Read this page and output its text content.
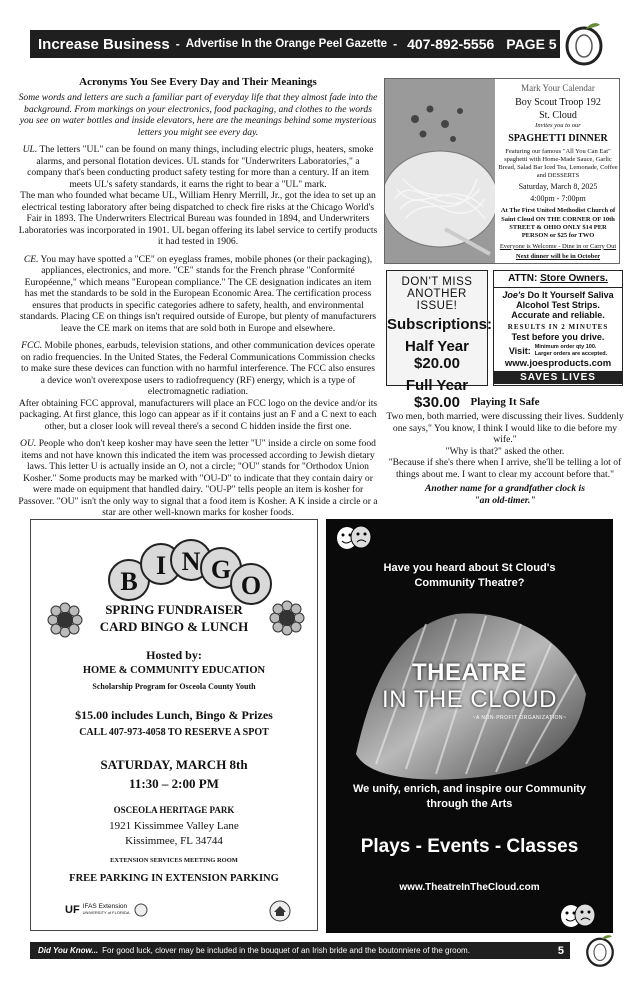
Increase Business - Advertise In the Orange Peel Gazette - 407-892-5556 PAGE 5
Acronyms You See Every Day and Their Meanings

Some words and letters are such a familiar part of everyday life that they almost fade into the background. From markings on your electronics, food packaging, and clothes to the words you see on water bottles and inside elevators, here are the meanings behind some mysterious letters you might see every day.

UL. The letters "UL" can be found on many things, including electric plugs, heaters, smoke alarms, and personal flotation devices. UL stands for "Underwriters Laboratories," a company that's been conducting product safety testing for more than a century. If an item meets UL's safety standards, it earns the right to bear a "UL" mark.
The man who founded what became UL, William Henry Merrill, Jr., got the idea to set up an electrical testing laboratory after being dispatched to check fire risks at the Chicago World's Fair in 1893. The Underwriters Electrical Bureau was founded in 1894, and Underwriters Laboratories was incorporated in 1901. UL began offering its label service to certify products it had tested in 1906.

CE. You may have spotted a "CE" on eyeglass frames, mobile phones (or their packaging), appliances, electronics, and more. "CE" stands for the French phrase "Conformité Européenne," which means "European compliance." The CE designation indicates an item has met the standards to be sold in the European Economic Area. The certification process ensures that products in specific categories adhere to safety, health, and environmental standards. Placing CE on things isn't required outside of Europe, but plenty of manufacturers leave the CE mark on items that are sold both in Europe and elsewhere.

FCC. Mobile phones, earbuds, television stations, and other communication devices operate on radio frequencies. In the United States, the Federal Communications Commission checks to make sure these devices can function with no harmful interference. The FCC also ensures a device won't overexpose users to radiofrequency (RF) energy, which is a type of electromagnetic radiation.
After obtaining FCC approval, manufacturers will place an FCC logo on the device and/or its packaging. At first glance, this logo can appear as if it contains just an F and a C next to each other, but a closer look will reveal there's a second C hidden inside the first one.

OU. People who don't keep kosher may have seen the letter "U" inside a circle on some food items and not have known this indicated the item was processed according to Jewish dietary laws. This letter U is actually inside an O, not a circle; "OU" stands for "Orthodox Union Kosher." Some products may be marked with "OU-D" to indicate that they contain dairy or were made on equipment that handled dairy. "OU-P" tells people an item is kosher for Passover. "OU" isn't the only way to signal that a food item is Kosher. A K inside a circle or a star are other well-known marks for kosher foods.

Mark Your Calendar
Boy Scout Troop 192
St. Cloud
Invites you to our
SPAGHETTI DINNER
Featuring our famous "All You Can Eat" spaghetti with Home-Made Sauce, Garlic Bread, Salad Bar Iced Tea, Lemonade, Coffee and DESSERTS
Saturday, March 8, 2025
4:00pm - 7:00pm
At The First United Methodist Church of Saint Cloud ON THE CORNER OF 10th STREET & OHIO ONLY $14 PER PERSON or $25 for TWO
Everyone is Welcome - Dine in or Carry Out
Next dinner will be in October
DON'T MISS
ANOTHER ISSUE!
Subscriptions:
Half Year $20.00
Full Year $30.00
ATTN: Store Owners.
Joe's Do It Yourself Saliva
Alcohol Test Strips.
Accurate and reliable.
RESULTS IN 2 MINUTES
Test before you drive.
Visit: Minimum order qty 100.
Larger orders are accepted.
www.joesproducts.com
SAVES LIVES
Playing It Safe

Two men, both married, were discussing their lives. Suddenly one says," You know, I think I would like to die before my wife."

"Why is that?" asked the other.

"Because if she's there when I arrive, she'll be telling a lot of things about me. I want to clear my account before that."

Another name for a grandfather clock is

"an old-timer."

B
I N G
O
SPRING FUNDRAISER
CARD BINGO & LUNCH
Hosted by:
HOME & COMMUNITY EDUCATION
Scholarship Program for Osceola County Youth
$15.00 includes Lunch, Bingo & Prizes
CALL 407-973-4058 TO RESERVE A SPOT
SATURDAY, MARCH 8th
11:30 – 2:00 PM
OSCEOLA HERITAGE PARK
1921 Kissimmee Valley Lane
Kissimmee, FL 34744
EXTENSION SERVICES MEETING ROOM
FREE PARKING IN EXTENSION PARKING
UF IFAS Extension
UNIVERSITY of FLORIDA
Have you heard about St Cloud's
Community Theatre?
THEATRE
IN THE CLOUD
~A NON-PROFIT ORGANIZATION~
We unify, enrich, and inspire our Community
through the Arts
Plays - Events - Classes
www.TheatreInTheCloud.com
Did You Know... For good luck, clover may be included in the bouquet of an Irish bride and the boutonniere of the groom.	5
